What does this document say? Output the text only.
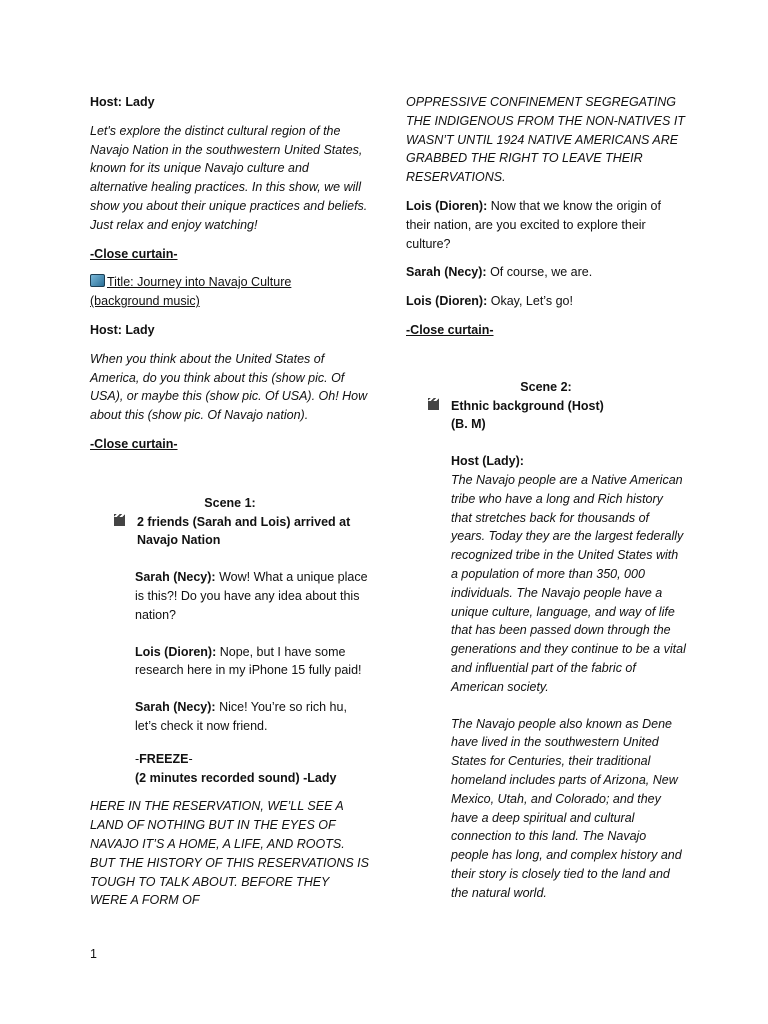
Host: Lady

Let's explore the distinct cultural region of the Navajo Nation in the southwestern United States, known for its unique Navajo culture and alternative healing practices. In this show, we will show you about their unique practices and beliefs. Just relax and enjoy watching!

-Close curtain-

Title: Journey into Navajo Culture
(background music)

Host: Lady

When you think about the United States of America, do you think about this (show pic. Of USA), or maybe this (show pic. Of USA). Oh! How about this (show pic. Of Navajo nation).

-Close curtain-

Scene 1:

2 friends (Sarah and Lois) arrived at Navajo Nation

Sarah (Necy): Wow! What a unique place is this?! Do you have any idea about this nation?

Lois (Dioren): Nope, but I have some research here in my iPhone 15 fully paid!

Sarah (Necy): Nice! You’re so rich hu, let’s check it now friend.

-FREEZE-

(2 minutes recorded sound) -Lady

HERE IN THE RESERVATION, WE’LL SEE A LAND OF NOTHING BUT IN THE EYES OF NAVAJO IT’S A HOME, A LIFE, AND ROOTS. BUT THE HISTORY OF THIS RESERVATIONS IS TOUGH TO TALK ABOUT. BEFORE THEY WERE A FORM OF

OPPRESSIVE CONFINEMENT SEGREGATING THE INDIGENOUS FROM THE NON-NATIVES IT WASN’T UNTIL 1924 NATIVE AMERICANS ARE GRABBED THE RIGHT TO LEAVE THEIR RESERVATIONS.

Lois (Dioren): Now that we know the origin of their nation, are you excited to explore their culture?

Sarah (Necy): Of course, we are.

Lois (Dioren): Okay, Let’s go!

-Close curtain-

Scene 2:

Ethnic background (Host)
(B. M)

Host (Lady):

The Navajo people are a Native American tribe who have a long and Rich history that stretches back for thousands of years. Today they are the largest federally recognized tribe in the United States with a population of more than 350, 000 individuals. The Navajo people have a unique culture, language, and way of life that has been passed down through the generations and they continue to be a vital and influential part of the fabric of American society.

The Navajo people also known as Dene have lived in the southwestern United States for Centuries, their traditional homeland includes parts of Arizona, New Mexico, Utah, and Colorado; and they have a deep spiritual and cultural connection to this land. The Navajo people has long, and complex history and their story is closely tied to the land and the natural world.

1
